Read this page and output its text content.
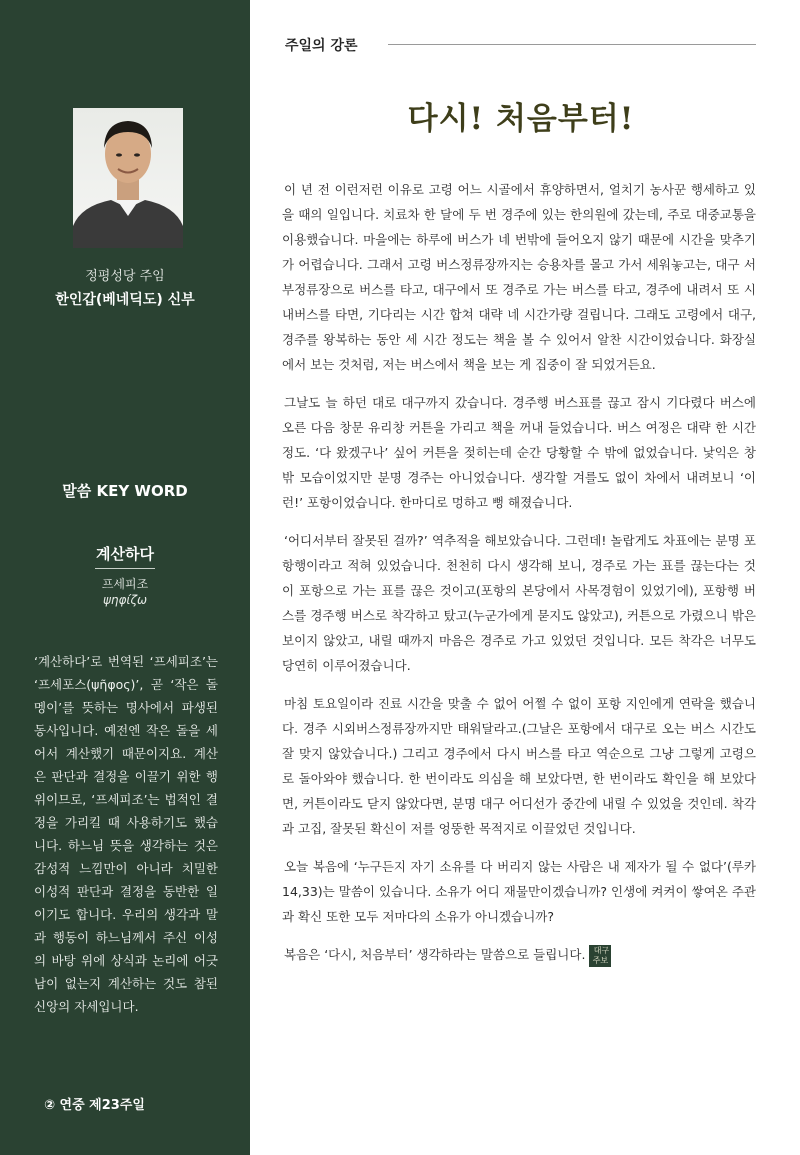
정평성당 주임
한인갑(베네딕도) 신부
말씀 KEY WORD
계산하다
프세피조
ψηφίζω

‘계산하다’로 번역된 ‘프세피조’는 ‘프세포스(ψῆφος)’, 곧 ‘작은 돌멩이’를 뜻하는 명사에서 파생된 동사입니다. 예전엔 작은 돌을 세어서 계산했기 때문이지요. 계산은 판단과 결정을 이끌기 위한 행위이므로, ‘프세피조’는 법적인 결정을 가리킬 때 사용하기도 했습니다. 하느님 뜻을 생각하는 것은 감성적 느낌만이 아니라 치밀한 이성적 판단과 결정을 동반한 일이기도 합니다. 우리의 생각과 말과 행동이 하느님께서 주신 이성의 바탕 위에 상식과 논리에 어긋남이 없는지 계산하는 것도 참된 신앙의 자세입니다.

② 연중 제23주일
주일의 강론
다시! 처음부터!

이 년 전 이런저런 이유로 고령 어느 시골에서 휴양하면서, 얼치기 농사꾼 행세하고 있을 때의 일입니다. 치료차 한 달에 두 번 경주에 있는 한의원에 갔는데, 주로 대중교통을 이용했습니다. 마을에는 하루에 버스가 네 번밖에 들어오지 않기 때문에 시간을 맞추기가 어렵습니다. 그래서 고령 버스정류장까지는 승용차를 몰고 가서 세워놓고는, 대구 서부정류장으로 버스를 타고, 대구에서 또 경주로 가는 버스를 타고, 경주에 내려서 또 시내버스를 타면, 기다리는 시간 합쳐 대략 네 시간가량 걸립니다. 그래도 고령에서 대구, 경주를 왕복하는 동안 세 시간 정도는 책을 볼 수 있어서 알찬 시간이었습니다. 화장실에서 보는 것처럼, 저는 버스에서 책을 보는 게 집중이 잘 되었거든요.

그날도 늘 하던 대로 대구까지 갔습니다. 경주행 버스표를 끊고 잠시 기다렸다 버스에 오른 다음 창문 유리창 커튼을 가리고 책을 꺼내 들었습니다. 버스 여정은 대략 한 시간 정도. ‘다 왔겠구나’ 싶어 커튼을 젖히는데 순간 당황할 수 밖에 없었습니다. 낯익은 창밖 모습이었지만 분명 경주는 아니었습니다. 생각할 겨를도 없이 차에서 내려보니 ‘이런!’ 포항이었습니다. 한마디로 멍하고 뻥 해졌습니다.

‘어디서부터 잘못된 걸까?’ 역추적을 해보았습니다. 그런데! 놀랍게도 차표에는 분명 포항행이라고 적혀 있었습니다. 천천히 다시 생각해 보니, 경주로 가는 표를 끊는다는 것이 포항으로 가는 표를 끊은 것이고(포항의 본당에서 사목경험이 있었기에), 포항행 버스를 경주행 버스로 착각하고 탔고(누군가에게 묻지도 않았고), 커튼으로 가렸으니 밖은 보이지 않았고, 내릴 때까지 마음은 경주로 가고 있었던 것입니다. 모든 착각은 너무도 당연히 이루어졌습니다.

마침 토요일이라 진료 시간을 맞출 수 없어 어쩔 수 없이 포항 지인에게 연락을 했습니다. 경주 시외버스정류장까지만 태워달라고.(그날은 포항에서 대구로 오는 버스 시간도 잘 맞지 않았습니다.) 그리고 경주에서 다시 버스를 타고 역순으로 그냥 그렇게 고령으로 돌아와야 했습니다. 한 번이라도 의심을 해 보았다면, 한 번이라도 확인을 해 보았다면, 커튼이라도 닫지 않았다면, 분명 대구 어디선가 중간에 내릴 수 있었을 것인데. 착각과 고집, 잘못된 확신이 저를 엉뚱한 목적지로 이끌었던 것입니다.

오늘 복음에 ‘누구든지 자기 소유를 다 버리지 않는 사람은 내 제자가 될 수 없다’(루카 14,33)는 말씀이 있습니다. 소유가 어디 재물만이겠습니까? 인생에 켜켜이 쌓여온 주관과 확신 또한 모두 저마다의 소유가 아니겠습니까?

복음은 ‘다시, 처음부터’ 생각하라는 말씀으로 들립니다. 대구 주보
